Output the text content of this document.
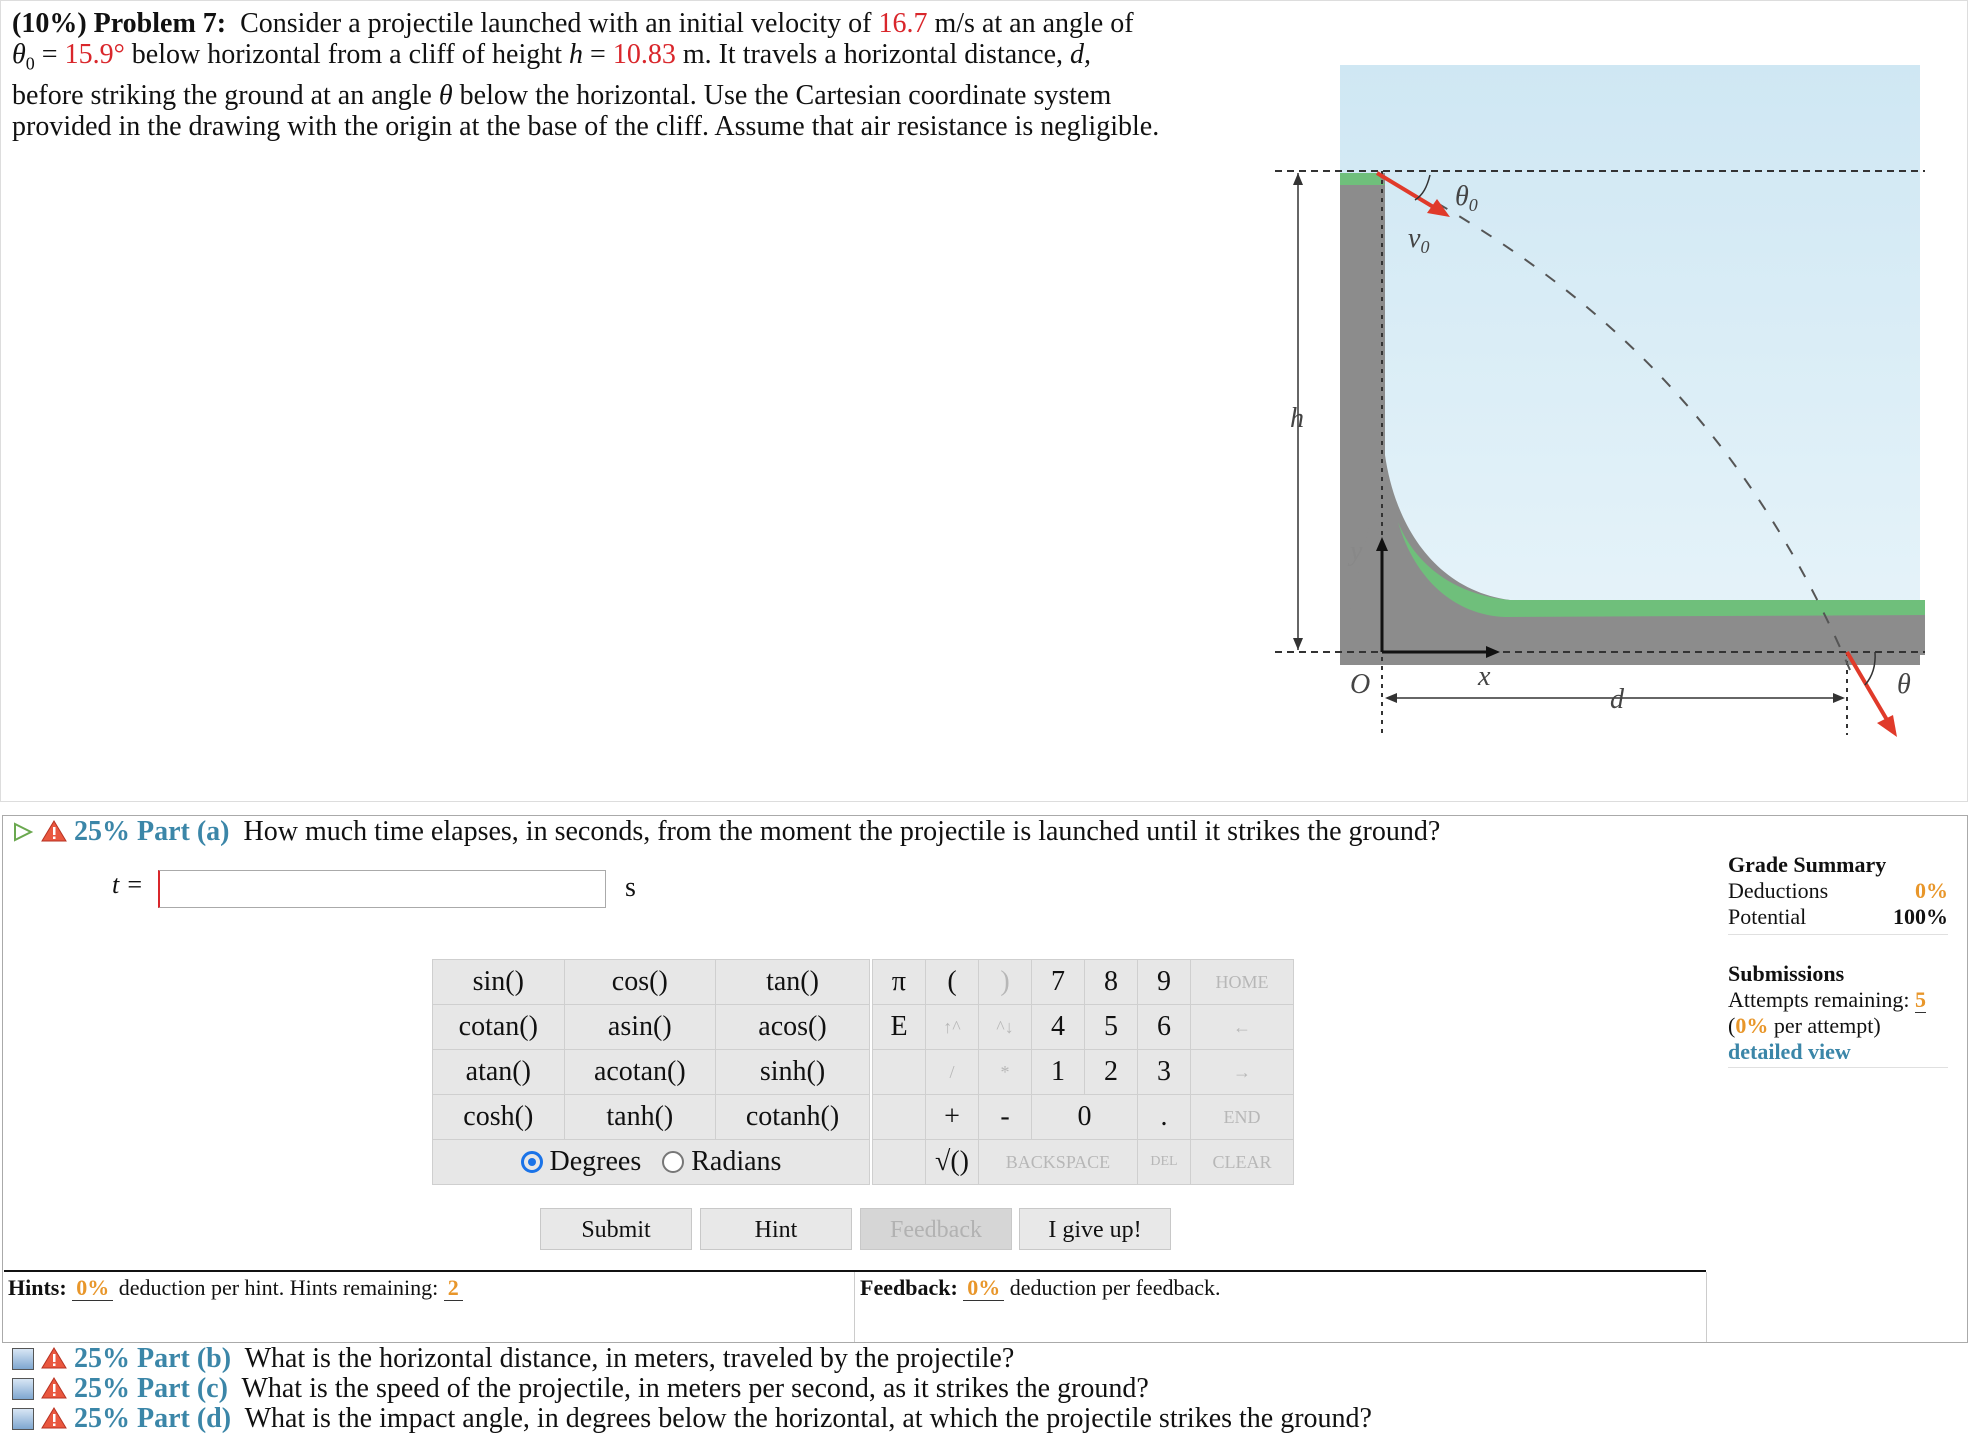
(10%) Problem 7: Consider a projectile launched with an initial velocity of 16.7 m/s at an angle of
$\theta_0 = 15.9^\circ$ below horizontal from a cliff of height h = 10.83 m. It travels a horizontal distance, d,
before striking the ground at an angle θ below the horizontal. Use the Cartesian coordinate system
provided in the drawing with the origin at the base of the cliff. Assume that air resistance is negligible.
$\theta_0$
$v_0$
h
y
O	x
d	θ
25% Part (a) How much time elapses, in seconds, from the moment the projectile is launched until it strikes the ground?
t =	s
sin()	cos()	tan()
cotan()	asin()	acos()
atan()	acotan()	sinh()
cosh()	tanh()	cotanh()

Degrees Radians		
π	(	)	7	8	9	HOME
E	↑^	^↓	4	5	6	←
	/	*	1	2	3	→
	+	-	0		.	END
	√()	BACKSPACE			DEL	CLEAR
Submit	Hint	Feedback	I give up!
Hints: 0% deduction per hint. Hints remaining: 2	Feedback: 0% deduction per feedback.
Grade Summary
Deductions	0%
Potential	100%
Submissions
Attempts remaining: 5
(0% per attempt)
detailed view
25% Part (b) What is the horizontal distance, in meters, traveled by the projectile?
25% Part (c) What is the speed of the projectile, in meters per second, as it strikes the ground?
25% Part (d) What is the impact angle, in degrees below the horizontal, at which the projectile strikes the ground?
